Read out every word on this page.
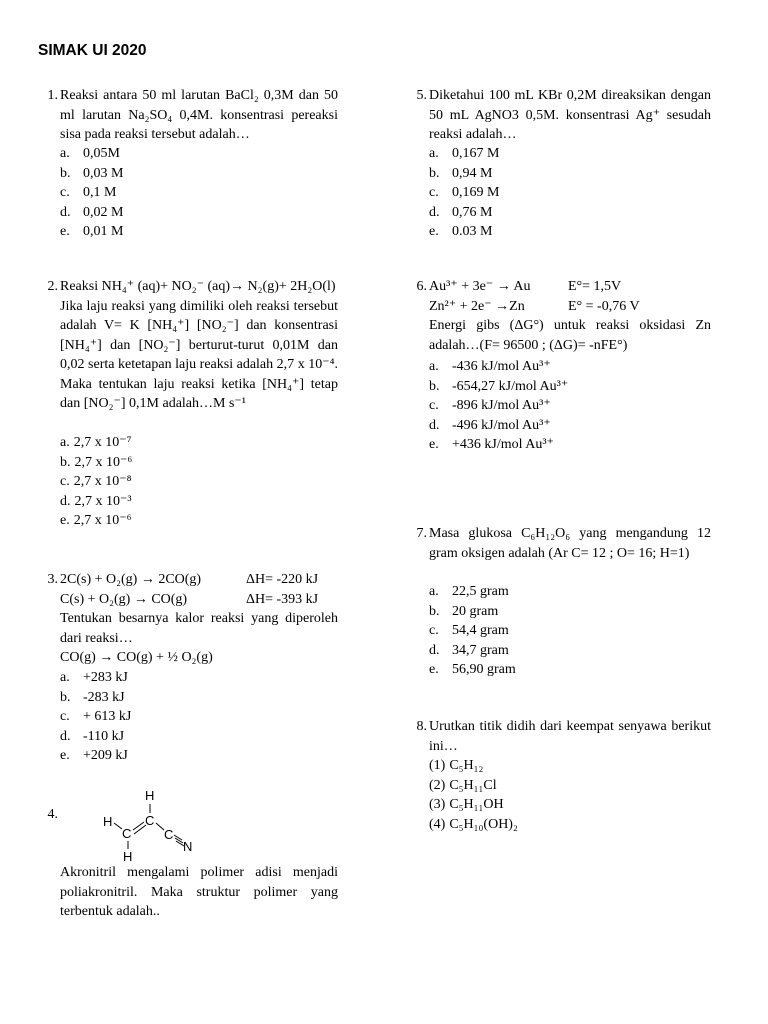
SIMAK UI 2020
1. Reaksi antara 50 ml larutan BaCl₂ 0,3M dan 50 ml larutan Na₂SO₄ 0,4M. konsentrasi pereaksi sisa pada reaksi tersebut adalah…
a. 0,05M
b. 0,03 M
c. 0,1 M
d. 0,02 M
e. 0,01 M
2. Reaksi NH₄⁺ (aq)+ NO₂⁻ (aq)→ N₂(g)+ 2H₂O(l)
Jika laju reaksi yang dimiliki oleh reaksi tersebut adalah V= K [NH₄⁺] [NO₂⁻] dan konsentrasi [NH₄⁺] dan [NO₂⁻] berturut-turut 0,01M dan 0,02 serta ketetapan laju reaksi adalah 2,7 x 10⁻⁴. Maka tentukan laju reaksi ketika [NH₄⁺] tetap dan [NO₂⁻] 0,1M adalah…M s⁻¹
a. 2,7 x 10⁻⁷
b. 2,7 x 10⁻⁶
c. 2,7 x 10⁻⁸
d. 2,7 x 10⁻³
e. 2,7 x 10⁻⁶
3. 2C(s) + O₂(g) → 2CO(g)	ΔH= -220 kJ
C(s) + O₂(g) → CO(g)	ΔH= -393 kJ
Tentukan besarnya kalor reaksi yang diperoleh dari reaksi…
CO(g) → CO(g) + ½ O₂(g)
a. +283 kJ
b. -283 kJ
c. + 613 kJ
d. -110 kJ
e. +209 kJ
4.
H
H
C
C
C
N
H
Akronitril mengalami polimer adisi menjadi poliakronitril. Maka struktur polimer yang terbentuk adalah..
5. Diketahui 100 mL KBr 0,2M direaksikan dengan 50 mL AgNO3 0,5M. konsentrasi Ag⁺ sesudah reaksi adalah…
a. 0,167 M
b. 0,94 M
c. 0,169 M
d. 0,76 M
e. 0.03 M
6. Au³⁺ + 3e⁻ → Au	E°= 1,5V
Zn²⁺ + 2e⁻ →Zn	E° = -0,76 V
Energi gibs (ΔG°) untuk reaksi oksidasi Zn adalah…(F= 96500 ; (ΔG)= -nFE°)
a. -436 kJ/mol Au³⁺
b. -654,27 kJ/mol Au³⁺
c. -896 kJ/mol Au³⁺
d. -496 kJ/mol Au³⁺
e. +436 kJ/mol Au³⁺
7. Masa glukosa C₆H₁₂O₆ yang mengandung 12 gram oksigen adalah (Ar C= 12 ; O= 16; H=1)
a. 22,5 gram
b. 20 gram
c. 54,4 gram
d. 34,7 gram
e. 56,90 gram
8. Urutkan titik didih dari keempat senyawa berikut ini…
(1) C₅H₁₂
(2) C₅H₁₁Cl
(3) C₅H₁₁OH
(4) C₅H₁₀(OH)₂
